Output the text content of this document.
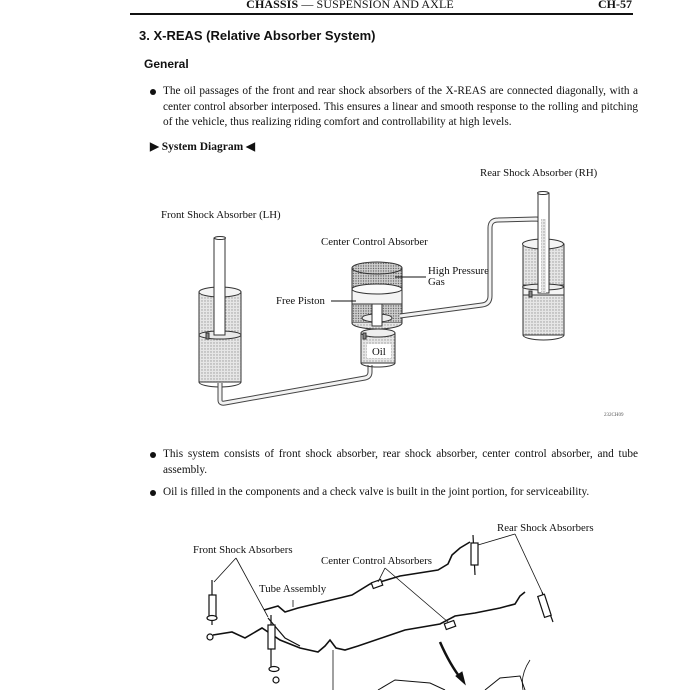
CHASSIS — SUSPENSION AND AXLE	CH-57
3. X-REAS (Relative Absorber System)
General
The oil passages of the front and rear shock absorbers of the X-REAS are connected diagonally, with a center control absorber interposed. This ensures a linear and smooth response to the rolling and pitching of the vehicle, thus realizing riding comfort and controllability at high levels.
▶ System Diagram ◀
Rear Shock Absorber (RH)
Front Shock Absorber (LH)
Center Control Absorber
High Pressure
Gas
Free Piston
Oil
232CH09
This system consists of front shock absorber, rear shock absorber, center control absorber, and tube assembly.
Oil is filled in the components and a check valve is built in the joint portion, for serviceability.
Rear Shock Absorbers
Front Shock Absorbers
Center Control Absorbers
Tube Assembly
